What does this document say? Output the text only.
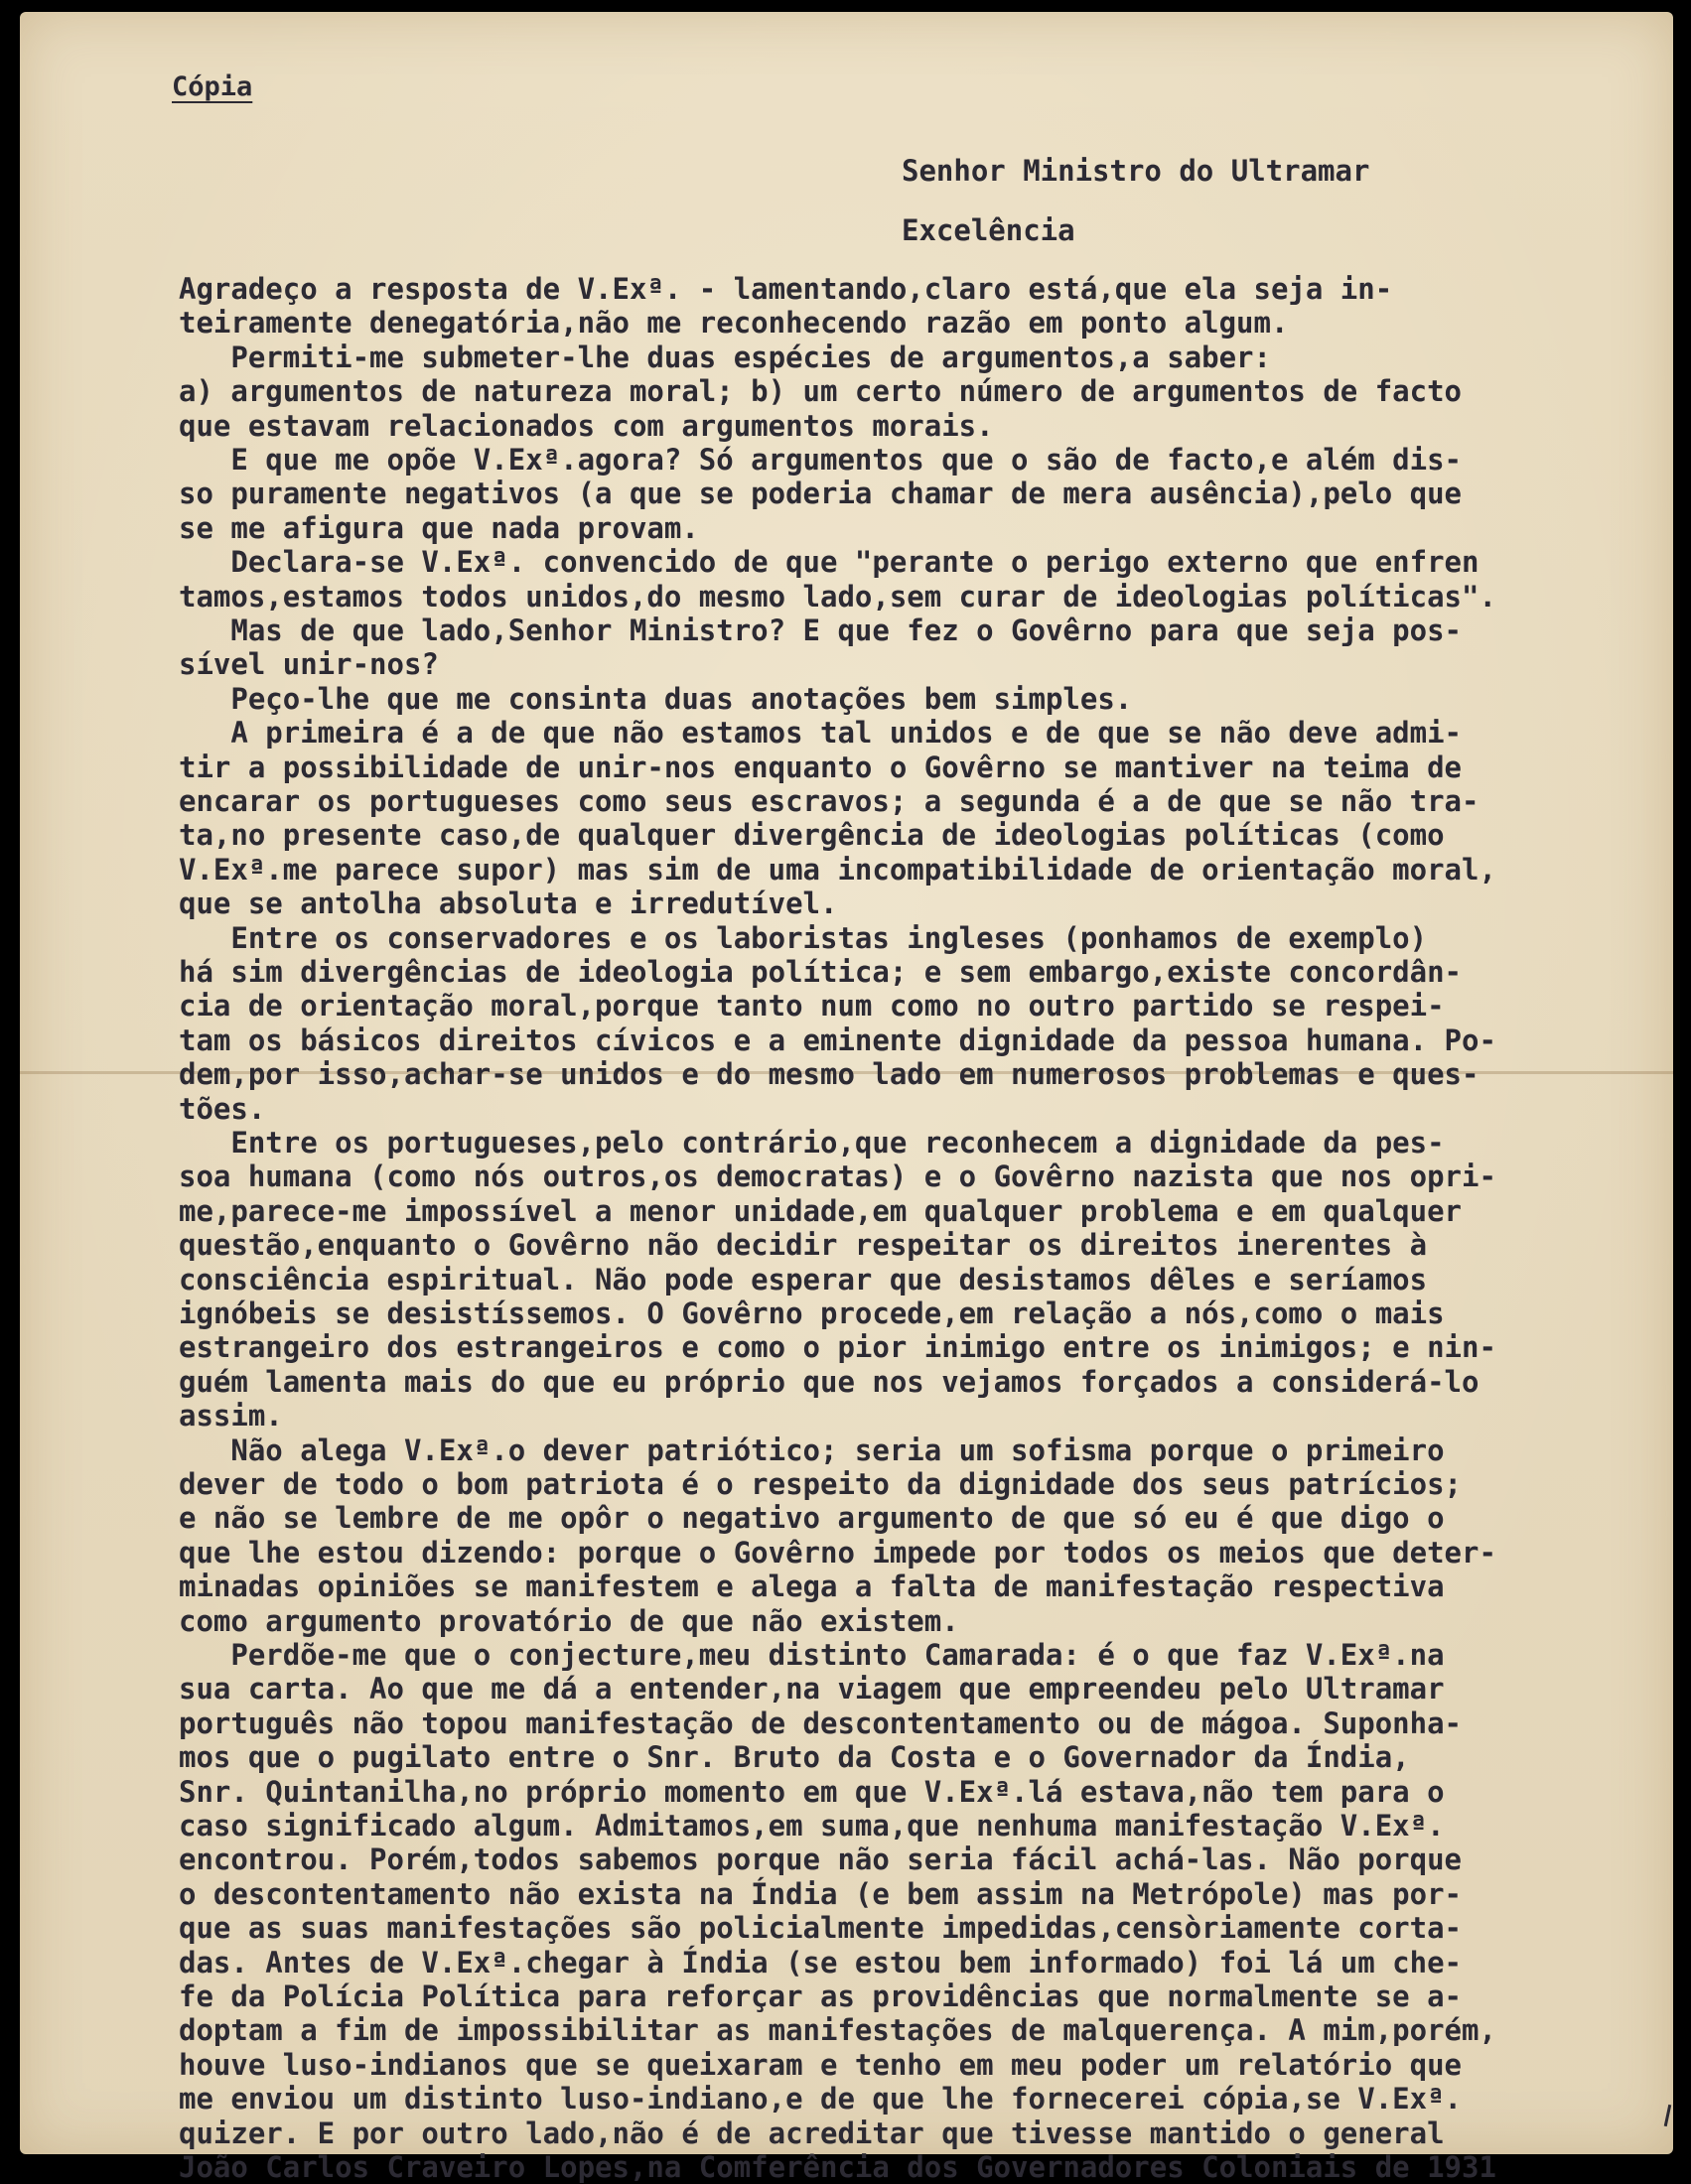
Cópia
Senhor Ministro do Ultramar
Excelência
Agradeço a resposta de V.Exª. - lamentando,claro está,que ela seja in-
teiramente denegatória,não me reconhecendo razão em ponto algum.
Permiti-me submeter-lhe duas espécies de argumentos,a saber:
a) argumentos de natureza moral; b) um certo número de argumentos de facto
que estavam relacionados com argumentos morais.
E que me opõe V.Exª.agora? Só argumentos que o são de facto,e além dis-
so puramente negativos (a que se poderia chamar de mera ausência),pelo que
se me afigura que nada provam.
Declara-se V.Exª. convencido de que "perante o perigo externo que enfren
tamos,estamos todos unidos,do mesmo lado,sem curar de ideologias políticas".
Mas de que lado,Senhor Ministro? E que fez o Govêrno para que seja pos-
sível unir-nos?
Peço-lhe que me consinta duas anotações bem simples.
A primeira é a de que não estamos tal unidos e de que se não deve admi-
tir a possibilidade de unir-nos enquanto o Govêrno se mantiver na teima de
encarar os portugueses como seus escravos; a segunda é a de que se não tra-
ta,no presente caso,de qualquer divergência de ideologias políticas (como
V.Exª.me parece supor) mas sim de uma incompatibilidade de orientação moral,
que se antolha absoluta e irredutível.
Entre os conservadores e os laboristas ingleses (ponhamos de exemplo)
há sim divergências de ideologia política; e sem embargo,existe concordân-
cia de orientação moral,porque tanto num como no outro partido se respei-
tam os básicos direitos cívicos e a eminente dignidade da pessoa humana. Po-
dem,por isso,achar-se unidos e do mesmo lado em numerosos problemas e ques-
tões.
Entre os portugueses,pelo contrário,que reconhecem a dignidade da pes-
soa humana (como nós outros,os democratas) e o Govêrno nazista que nos opri-
me,parece-me impossível a menor unidade,em qualquer problema e em qualquer
questão,enquanto o Govêrno não decidir respeitar os direitos inerentes à
consciência espiritual. Não pode esperar que desistamos dêles e seríamos
ignóbeis se desistíssemos. O Govêrno procede,em relação a nós,como o mais
estrangeiro dos estrangeiros e como o pior inimigo entre os inimigos; e nin-
guém lamenta mais do que eu próprio que nos vejamos forçados a considerá-lo
assim.
Não alega V.Exª.o dever patriótico; seria um sofisma porque o primeiro
dever de todo o bom patriota é o respeito da dignidade dos seus patrícios;
e não se lembre de me opôr o negativo argumento de que só eu é que digo o
que lhe estou dizendo: porque o Govêrno impede por todos os meios que deter-
minadas opiniões se manifestem e alega a falta de manifestação respectiva
como argumento provatório de que não existem.
Perdõe-me que o conjecture,meu distinto Camarada: é o que faz V.Exª.na
sua carta. Ao que me dá a entender,na viagem que empreendeu pelo Ultramar
português não topou manifestação de descontentamento ou de mágoa. Suponha-
mos que o pugilato entre o Snr. Bruto da Costa e o Governador da Índia,
Snr. Quintanilha,no próprio momento em que V.Exª.lá estava,não tem para o
caso significado algum. Admitamos,em suma,que nenhuma manifestação V.Exª.
encontrou. Porém,todos sabemos porque não seria fácil achá-las. Não porque
o descontentamento não exista na Índia (e bem assim na Metrópole) mas por-
que as suas manifestações são policialmente impedidas,censòriamente corta-
das. Antes de V.Exª.chegar à Índia (se estou bem informado) foi lá um che-
fe da Polícia Política para reforçar as providências que normalmente se a-
doptam a fim de impossibilitar as manifestações de malquerença. A mim,porém,
houve luso-indianos que se queixaram e tenho em meu poder um relatório que
me enviou um distinto luso-indiano,e de que lhe fornecerei cópia,se V.Exª.
quizer. E por outro lado,não é de acreditar que tivesse mantido o general
João Carlos Craveiro Lopes,na Comferência dos Governadores Coloniais de 1931
